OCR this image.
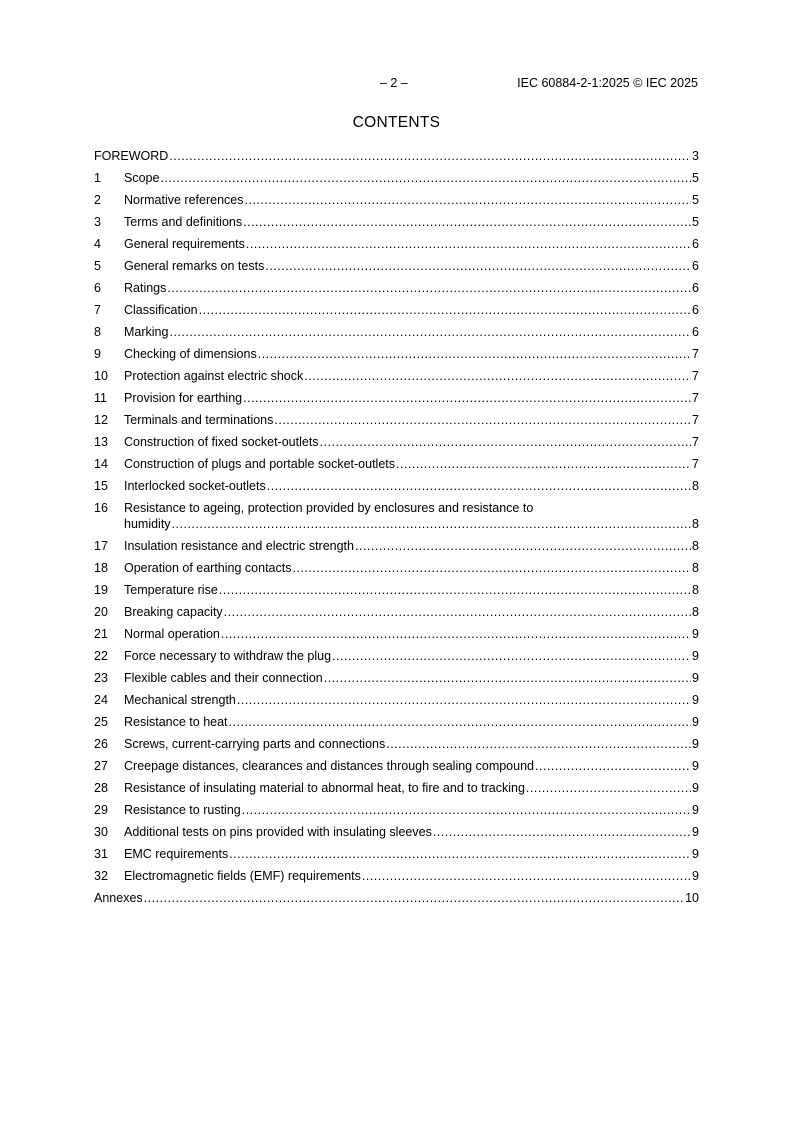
– 2 –	IEC 60884-2-1:2025 © IEC 2025
CONTENTS
FOREWORD .....	3
1	Scope .....	5
2	Normative references .....	5
3	Terms and definitions .....	5
4	General requirements .....	6
5	General remarks on tests .....	6
6	Ratings .....	6
7	Classification .....	6
8	Marking .....	6
9	Checking of dimensions .....	7
10	Protection against electric shock .....	7
11	Provision for earthing .....	7
12	Terminals and terminations .....	7
13	Construction of fixed socket-outlets .....	7
14	Construction of plugs and portable socket-outlets .....	7
15	Interlocked socket-outlets .....	8
16	Resistance to ageing, protection provided by enclosures and resistance to
humidity .....	8
17	Insulation resistance and electric strength .....	8
18	Operation of earthing contacts .....	8
19	Temperature rise .....	8
20	Breaking capacity .....	8
21	Normal operation .....	9
22	Force necessary to withdraw the plug .....	9
23	Flexible cables and their connection .....	9
24	Mechanical strength .....	9
25	Resistance to heat .....	9
26	Screws, current-carrying parts and connections .....	9
27	Creepage distances, clearances and distances through sealing compound .....	9
28	Resistance of insulating material to abnormal heat, to fire and to tracking .....	9
29	Resistance to rusting .....	9
30	Additional tests on pins provided with insulating sleeves .....	9
31	EMC requirements .....	9
32	Electromagnetic fields (EMF) requirements .....	9
Annexes .....	10
